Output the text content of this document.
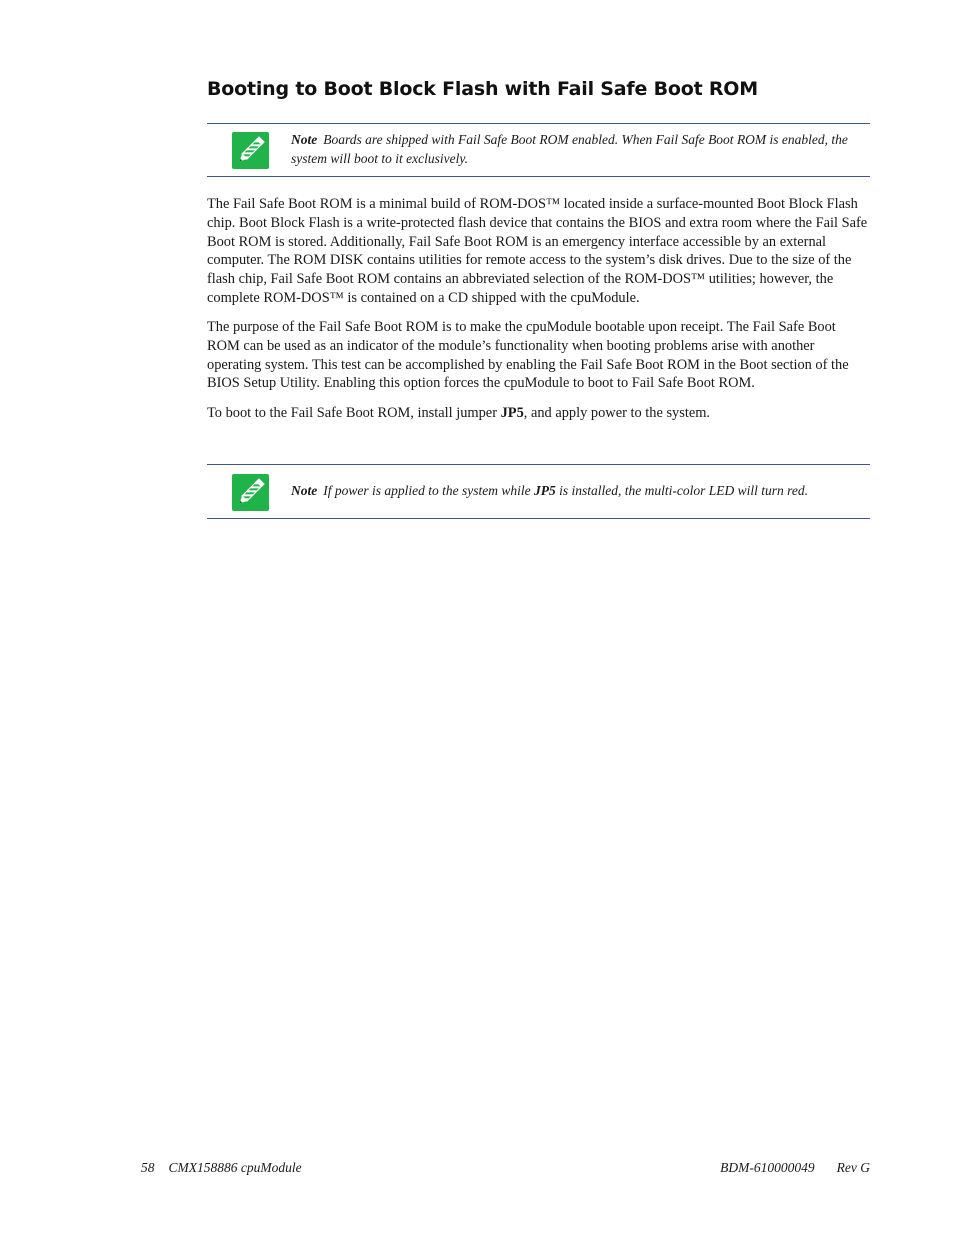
Booting to Boot Block Flash with Fail Safe Boot ROM
Note Boards are shipped with Fail Safe Boot ROM enabled. When Fail Safe Boot ROM is enabled, the system will boot to it exclusively.

The Fail Safe Boot ROM is a minimal build of ROM-DOS™ located inside a surface-mounted Boot Block Flash chip. Boot Block Flash is a write-protected flash device that contains the BIOS and extra room where the Fail Safe Boot ROM is stored. Additionally, Fail Safe Boot ROM is an emergency interface accessible by an external computer. The ROM DISK contains utilities for remote access to the system’s disk drives. Due to the size of the flash chip, Fail Safe Boot ROM contains an abbreviated selection of the ROM-DOS™ utilities; however, the complete ROM-DOS™ is contained on a CD shipped with the cpuModule.

The purpose of the Fail Safe Boot ROM is to make the cpuModule bootable upon receipt. The Fail Safe Boot ROM can be used as an indicator of the module’s functionality when booting problems arise with another operating system. This test can be accomplished by enabling the Fail Safe Boot ROM in the Boot section of the BIOS Setup Utility. Enabling this option forces the cpuModule to boot to Fail Safe Boot ROM.

To boot to the Fail Safe Boot ROM, install jumper JP5, and apply power to the system.

Note If power is applied to the system while JP5 is installed, the multi-color LED will turn red.
58 CMX158886 cpuModule	BDM-610000049 Rev G
